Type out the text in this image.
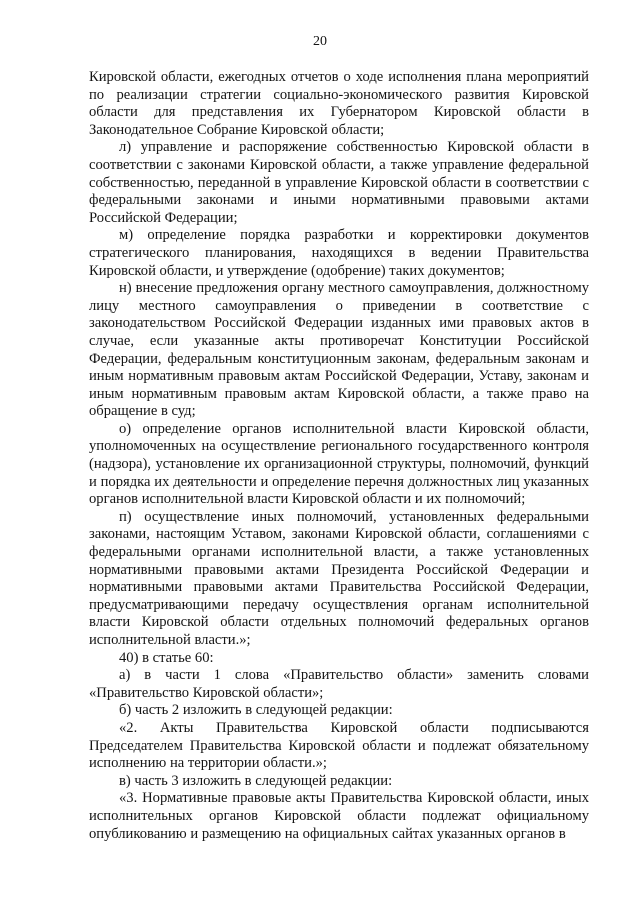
20

Кировской области, ежегодных отчетов о ходе исполнения плана мероприятий по реализации стратегии социально-экономического развития Кировской области для представления их Губернатором Кировской области в Законодательное Собрание Кировской области;

л) управление и распоряжение собственностью Кировской области в соответствии с законами Кировской области, а также управление федеральной собственностью, переданной в управление Кировской области в соответствии с федеральными законами и иными нормативными правовыми актами Российской Федерации;

м) определение порядка разработки и корректировки документов стратегического планирования, находящихся в ведении Правительства Кировской области, и утверждение (одобрение) таких документов;

н) внесение предложения органу местного самоуправления, должностному лицу местного самоуправления о приведении в соответствие с законодательством Российской Федерации изданных ими правовых актов в случае, если указанные акты противоречат Конституции Российской Федерации, федеральным конституционным законам, федеральным законам и иным нормативным правовым актам Российской Федерации, Уставу, законам и иным нормативным правовым актам Кировской области, а также право на обращение в суд;

о) определение органов исполнительной власти Кировской области, уполномоченных на осуществление регионального государственного контроля (надзора), установление их организационной структуры, полномочий, функций и порядка их деятельности и определение перечня должностных лиц указанных органов исполнительной власти Кировской области и их полномочий;

п) осуществление иных полномочий, установленных федеральными законами, настоящим Уставом, законами Кировской области, соглашениями с федеральными органами исполнительной власти, а также установленных нормативными правовыми актами Президента Российской Федерации и нормативными правовыми актами Правительства Российской Федерации, предусматривающими передачу осуществления органам исполнительной власти Кировской области отдельных полномочий федеральных органов исполнительной власти.»;

40) в статье 60:

а) в части 1 слова «Правительство области» заменить словами «Правительство Кировской области»;

б) часть 2 изложить в следующей редакции:

«2. Акты Правительства Кировской области подписываются Председателем Правительства Кировской области и подлежат обязательному исполнению на территории области.»;

в) часть 3 изложить в следующей редакции:

«3. Нормативные правовые акты Правительства Кировской области, иных исполнительных органов Кировской области подлежат официальному опубликованию и размещению на официальных сайтах указанных органов в
